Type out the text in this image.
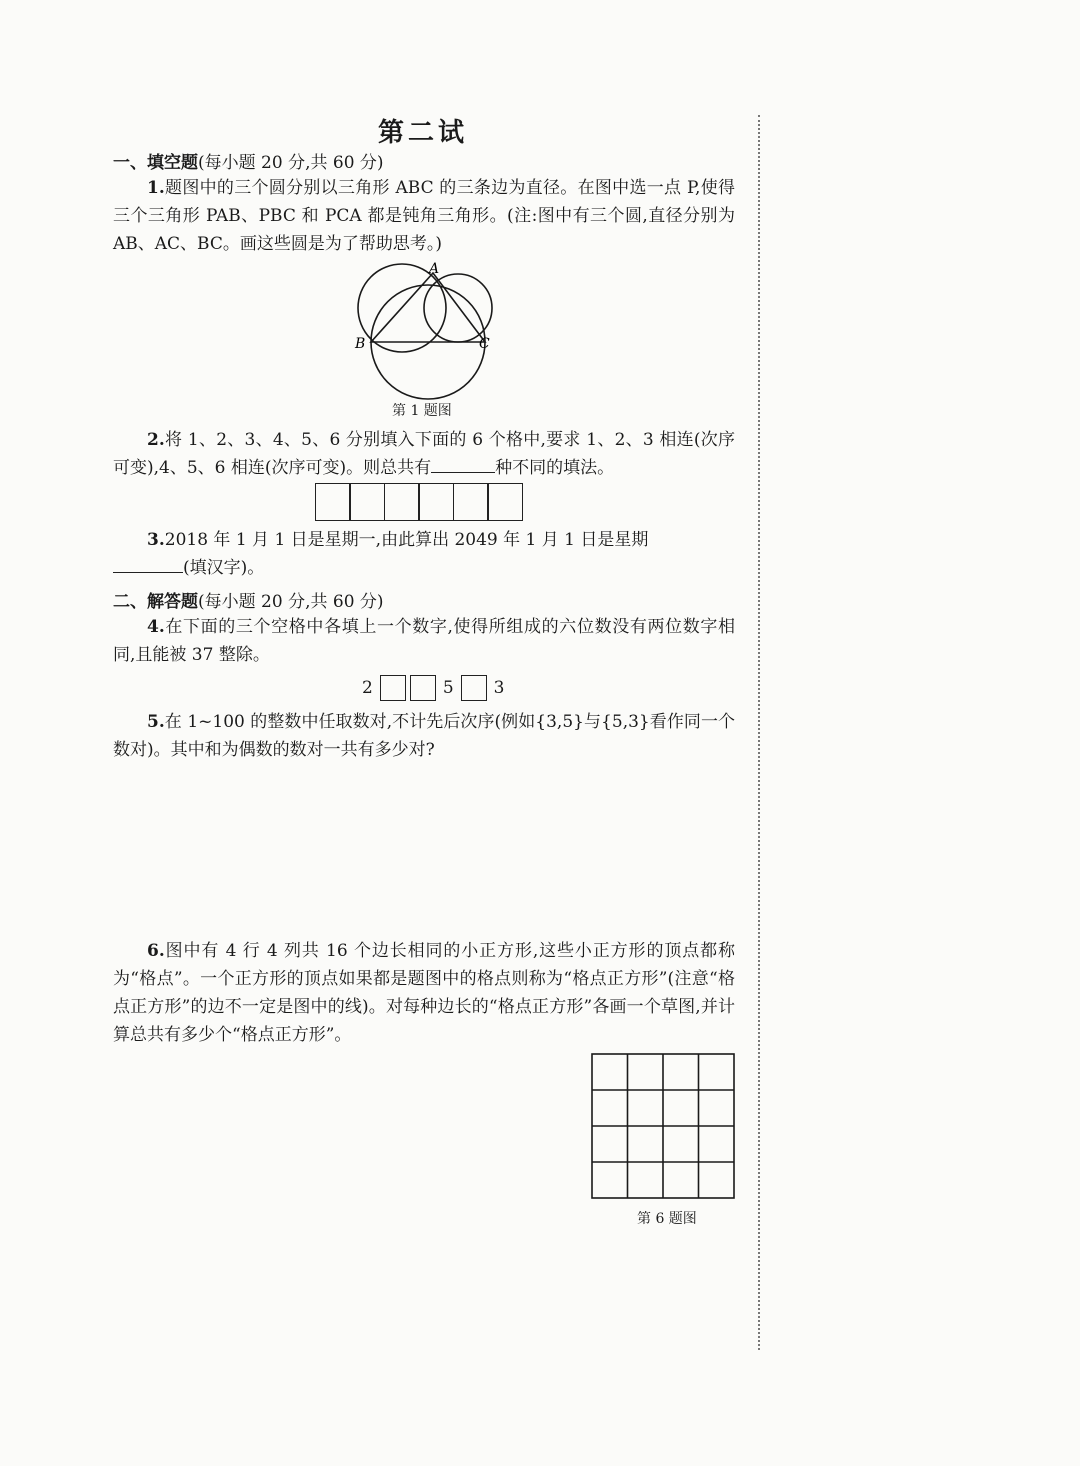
第二试
一、填空题(每小题 20 分,共 60 分)
1.题图中的三个圆分别以三角形 ABC 的三条边为直径。在图中选一点 P,使得三个三角形 PAB、PBC 和 PCA 都是钝角三角形。(注:图中有三个圆,直径分别为 AB、AC、BC。画这些圆是为了帮助思考。)
A
B	C
第 1 题图
2.将 1、2、3、4、5、6 分别填入下面的 6 个格中,要求 1、2、3 相连(次序可变),4、5、6 相连(次序可变)。则总共有	种不同的填法。
3.2018 年 1 月 1 日是星期一,由此算出 2049 年 1 月 1 日是星期
(填汉字)。
二、解答题(每小题 20 分,共 60 分)
4.在下面的三个空格中各填上一个数字,使得所组成的六位数没有两位数字相同,且能被 37 整除。
2	5 3
5.在 1~100 的整数中任取数对,不计先后次序(例如{3,5}与{5,3}看作同一个数对)。其中和为偶数的数对一共有多少对?
6.图中有 4 行 4 列共 16 个边长相同的小正方形,这些小正方形的顶点都称为“格点”。一个正方形的顶点如果都是题图中的格点则称为“格点正方形”(注意“格点正方形”的边不一定是图中的线)。对每种边长的“格点正方形”各画一个草图,并计算总共有多少个“格点正方形”。
第 6 题图
